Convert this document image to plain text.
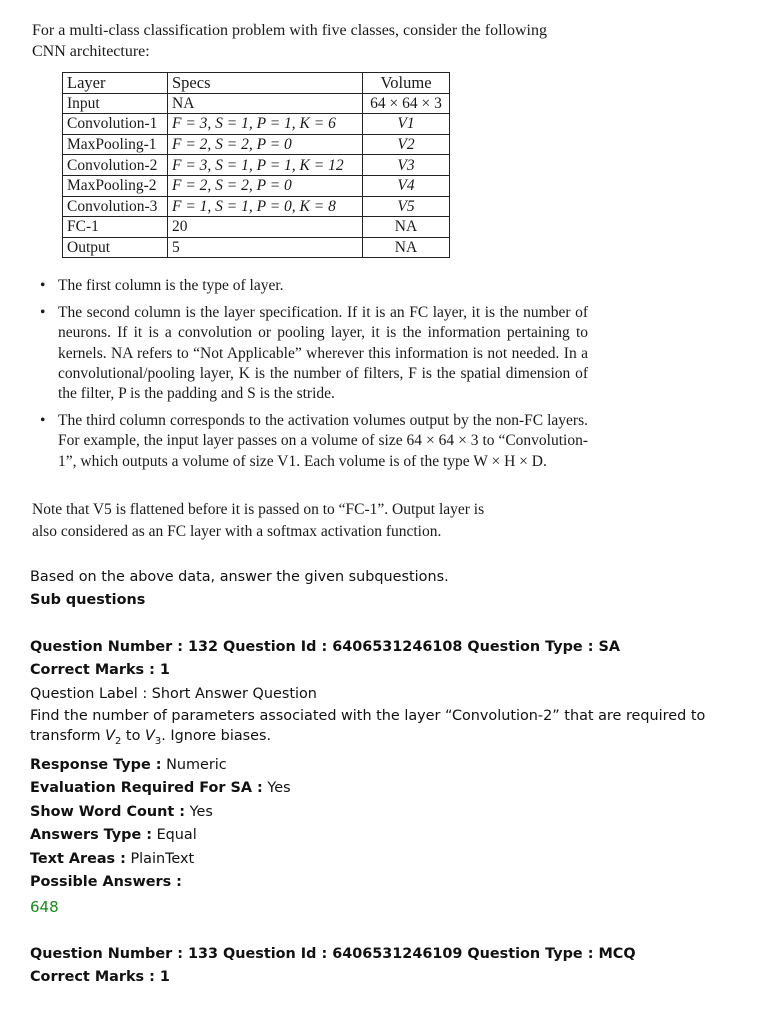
For a multi-class classification problem with five classes, consider the following
CNN architecture:
Layer	Specs	Volume
Input	NA	64 × 64 × 3
Convolution-1	F = 3, S = 1, P = 1, K = 6	V1
MaxPooling-1	F = 2, S = 2, P = 0	V2
Convolution-2	F = 3, S = 1, P = 1, K = 12	V3
MaxPooling-2	F = 2, S = 2, P = 0	V4
Convolution-3	F = 1, S = 1, P = 0, K = 8	V5
FC-1	20	NA
Output	5	NA
• The first column is the type of layer.
• The second column is the layer specification. If it is an FC layer, it is the number of neurons. If it is a convolution or pooling layer, it is the information pertaining to kernels. NA refers to “Not Applicable” wherever this information is not needed. In a convolutional/pooling layer, K is the number of filters, F is the spatial dimension of the filter, P is the padding and S is the stride.
• The third column corresponds to the activation volumes output by the non-FC layers. For example, the input layer passes on a volume of size 64 × 64 × 3 to “Convolution-1”, which outputs a volume of size V1. Each volume is of the type W × H × D.
Note that V5 is flattened before it is passed on to “FC-1”. Output layer is
also considered as an FC layer with a softmax activation function.
Based on the above data, answer the given subquestions.
Sub questions
Question Number : 132 Question Id : 6406531246108 Question Type : SA
Correct Marks : 1
Question Label : Short Answer Question
Find the number of parameters associated with the layer “Convolution-2” that are required to transform $V_2$ to $V_3$. Ignore biases.
Response Type : Numeric
Evaluation Required For SA : Yes
Show Word Count : Yes
Answers Type : Equal
Text Areas : PlainText
Possible Answers :
648
Question Number : 133 Question Id : 6406531246109 Question Type : MCQ
Correct Marks : 1
